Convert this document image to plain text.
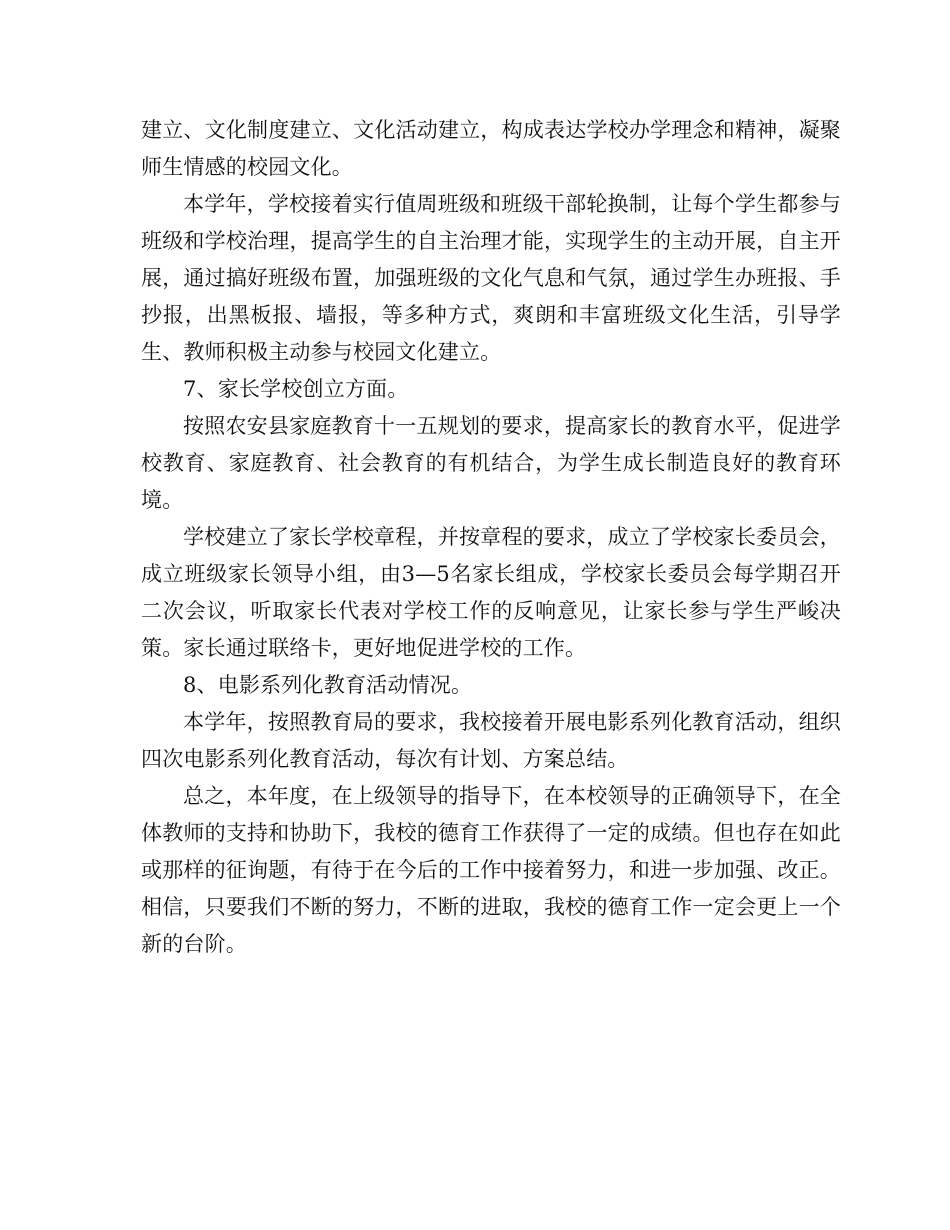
建立、文化制度建立、文化活动建立，构成表达学校办学理念和精神，凝聚师生情感的校园文化。

本学年，学校接着实行值周班级和班级干部轮换制，让每个学生都参与班级和学校治理，提高学生的自主治理才能，实现学生的主动开展，自主开展，通过搞好班级布置，加强班级的文化气息和气氛，通过学生办班报、手抄报，出黑板报、墙报，等多种方式，爽朗和丰富班级文化生活，引导学生、教师积极主动参与校园文化建立。

7、家长学校创立方面。

按照农安县家庭教育十一五规划的要求，提高家长的教育水平，促进学校教育、家庭教育、社会教育的有机结合，为学生成长制造良好的教育环境。

学校建立了家长学校章程，并按章程的要求，成立了学校家长委员会，成立班级家长领导小组，由3—5名家长组成，学校家长委员会每学期召开二次会议，听取家长代表对学校工作的反响意见，让家长参与学生严峻决策。家长通过联络卡，更好地促进学校的工作。

8、电影系列化教育活动情况。

本学年，按照教育局的要求，我校接着开展电影系列化教育活动，组织四次电影系列化教育活动，每次有计划、方案总结。

总之，本年度，在上级领导的指导下，在本校领导的正确领导下，在全体教师的支持和协助下，我校的德育工作获得了一定的成绩。但也存在如此或那样的征询题，有待于在今后的工作中接着努力，和进一步加强、改正。相信，只要我们不断的努力，不断的进取，我校的德育工作一定会更上一个新的台阶。
